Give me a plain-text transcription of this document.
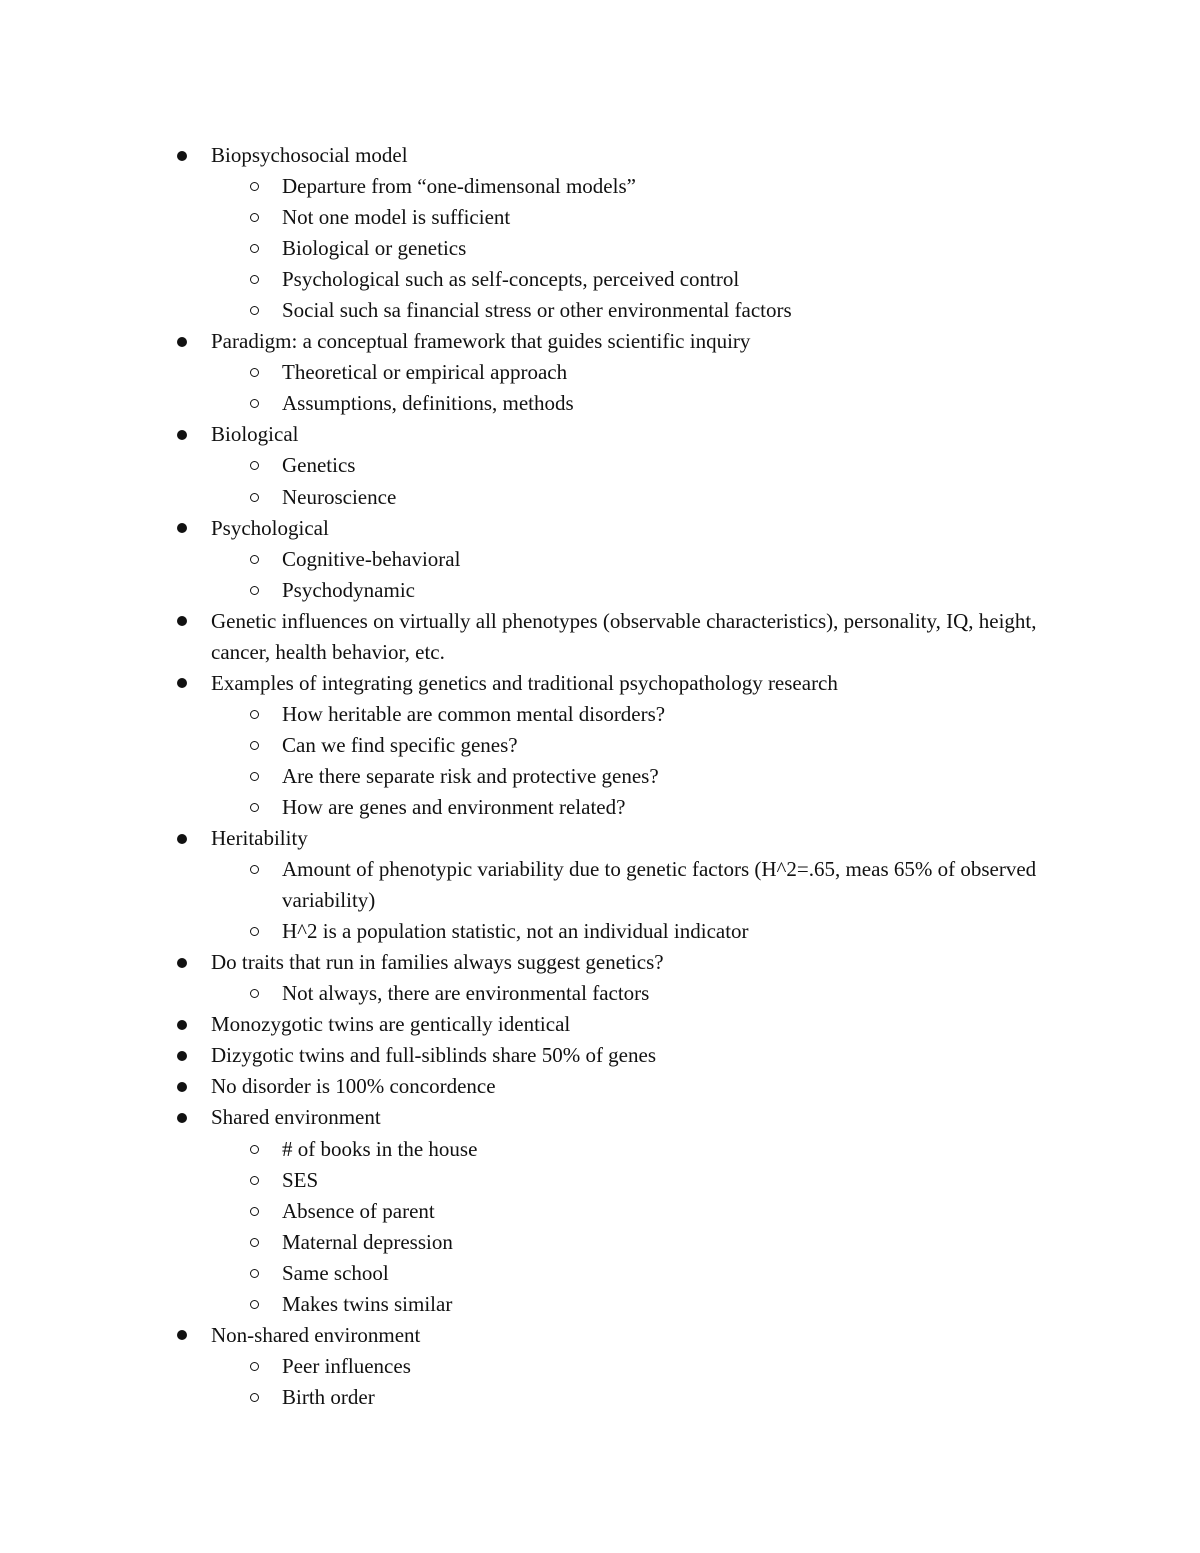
Biopsychosocial model
Departure from “one-dimensonal models”
Not one model is sufficient
Biological or genetics
Psychological such as self-concepts, perceived control
Social such sa financial stress or other environmental factors
Paradigm: a conceptual framework that guides scientific inquiry
Theoretical or empirical approach
Assumptions, definitions, methods
Biological
Genetics
Neuroscience
Psychological
Cognitive-behavioral
Psychodynamic
Genetic influences on virtually all phenotypes (observable characteristics), personality, IQ, height, cancer, health behavior, etc.
Examples of integrating genetics and traditional psychopathology research
How heritable are common mental disorders?
Can we find specific genes?
Are there separate risk and protective genes?
How are genes and environment related?
Heritability
Amount of phenotypic variability due to genetic factors (H^2=.65, meas 65% of observed variability)
H^2 is a population statistic, not an individual indicator
Do traits that run in families always suggest genetics?
Not always, there are environmental factors
Monozygotic twins are gentically identical
Dizygotic twins and full-siblinds share 50% of genes
No disorder is 100% concordence
Shared environment
# of books in the house
SES
Absence of parent
Maternal depression
Same school
Makes twins similar
Non-shared environment
Peer influences
Birth order
